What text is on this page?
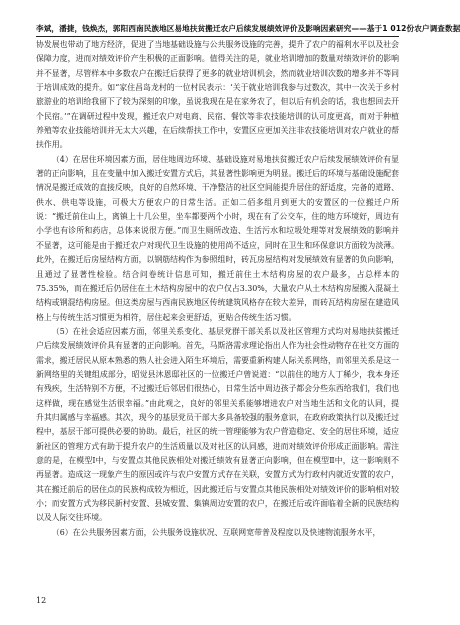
李斌，潘捷，钱焕杰，郭阳 西南民族地区易地扶贫搬迁农户后续发展绩效评价及影响因素研究——基于1 012份农户调查数据

协发展也带动了地方经济，促进了当地基础设施与公共服务设施的完善，提升了农户的福利水平以及社会保障力度，进而对绩效评价产生积极的正面影响。值得关注的是，就业培训增加的数量对绩效评价的影响并不显著，尽管样本中多数农户在搬迁后获得了更多的就业培训机会，然而就业培训次数的增多并不等同于培训成效的提升。如“家住昌岛龙村的一位村民表示：‘关于就业培训我参与过数次，其中一次关于乡村旅游业的培训给我留下了较为深刻的印象，虽说我现在是在家务农了，但以后有机会的话，我也想回去开个民宿。’”在调研过程中发现，搬迁农户对电商、民宿、餐饮等非农技能培训的认可度更高，而对于种植养殖等农业技能培训并无太大兴趣，在后续帮扶工作中，安置区应更加关注非农技能培训对农户就业的帮扶作用。

（4）在居住环境因素方面，居住地周边环境、基础设施对易地扶贫搬迁农户后续发展绩效评价有显著的正向影响，且在变量中加入搬迁安置方式后，其显著性影响更为明显。搬迁后的环境与基础设施配套情况是搬迁成效的直接反映，良好的自然环境、干净整洁的社区空间能提升居住的舒适度，完备的道路、供水、供电等设施，可极大方便农户的日常生活。正如二佰多组月到更大的安置区的一位搬迁户所说：“搬迁前住山上，离镇上十几公里，坐车都要两个小时，现在有了公交车，住的地方环境好，周边有小学也有诊所和药店，总体来说很方便。”而卫生厕所改造、生活污水和垃圾处理等对发展绩效的影响并不显著，这可能是由于搬迁农户对现代卫生设施的使用尚不适应，同时在卫生和环保意识方面较为淡薄。此外，在搬迁后房屋结构方面，以钢筋结构作为参照组时，砖瓦房屋结构对发展绩效有显著的负向影响，且通过了显著性检验。结合问卷统计信息可知，搬迁前住土木结构房屋的农户最多，占总样本的75.35%，而在搬迁后仍居住在土木结构房屋中的农户仅占3.30%，大量农户从土木结构房屋搬入混凝土结构或钢混结构房屋。但这类房屋与西南民族地区传统建筑风格存在较大差异，而砖瓦结构房屋在建造风格上与传统生活习惯更为相符，居住起来会更舒适，更贴合传统生活习惯。

（5）在社会适应因素方面，邻里关系变化、基层党群干部关系以及社区管理方式均对易地扶贫搬迁户后续发展绩效评价具有显著的正向影响。首先，马斯洛需求理论指出人作为社会性动物存在社交方面的需求，搬迁居民从原本熟悉的熟人社会进入陌生环境后，需要重新构建人际关系网络，而邻里关系是这一新网络里的关键组成部分，昭觉县沐恩邸社区的一位搬迁户曾说道：“以前住的地方人丁稀少，我本身还有残疾，生活特别不方便，不过搬迁后邻居们很热心，日常生活中周边孩子都会分些东西给我们，我们也这样做，现在感觉生活很幸福。”由此观之，良好的邻里关系能够增进农户对当地生活和文化的认同，提升其归属感与幸福感。其次，现今的基层党员干部大多具备较强的服务意识，在政府政策执行以及搬迁过程中，基层干部可提供必要的协助。最后，社区的统一管理能够为农户营造稳定、安全的居住环境，适应新社区的管理方式有助于提升农户的生活质量以及对社区的认同感，进而对绩效评价形成正面影响。需注意的是，在模型Ⅰ中，与安置点其他民族相处对搬迁绩效有显著正向影响，但在模型Ⅱ中，这一影响则不再显著。造成这一现象产生的原因或许与农户安置方式存在关联，安置方式为行政村内就近安置的农户，其在搬迁前后的居住点的民族构成较为相近，因此搬迁后与安置点其他民族相处对绩效评价的影响相对较小；而安置方式为移民新村安置、县城安置、集镇周边安置的农户，在搬迁后或许面临着全新的民族结构以及人际交往环境。

（6）在公共服务因素方面，公共服务设施状况、互联网宽带普及程度以及快速物流服务水平，

12
